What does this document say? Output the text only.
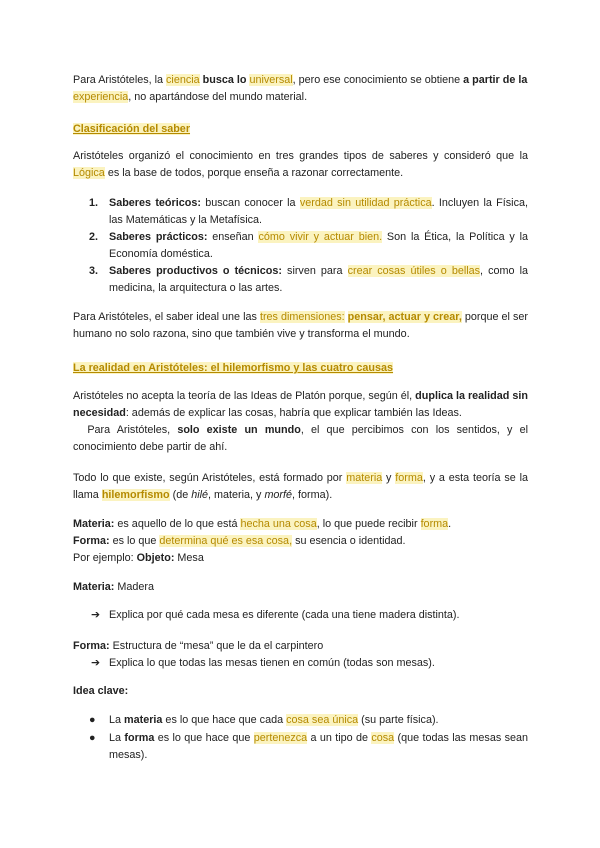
Para Aristóteles, la ciencia busca lo universal, pero ese conocimiento se obtiene a partir de la experiencia, no apartándose del mundo material.

Clasificación del saber

Aristóteles organizó el conocimiento en tres grandes tipos de saberes y consideró que la Lógica es la base de todos, porque enseña a razonar correctamente.

1. Saberes teóricos: buscan conocer la verdad sin utilidad práctica. Incluyen la Física, las Matemáticas y la Metafísica.
2. Saberes prácticos: enseñan cómo vivir y actuar bien. Son la Ética, la Política y la Economía doméstica.
3. Saberes productivos o técnicos: sirven para crear cosas útiles o bellas, como la medicina, la arquitectura o las artes.

Para Aristóteles, el saber ideal une las tres dimensiones: pensar, actuar y crear, porque el ser humano no solo razona, sino que también vive y transforma el mundo.

La realidad en Aristóteles: el hilemorfismo y las cuatro causas

Aristóteles no acepta la teoría de las Ideas de Platón porque, según él, duplica la realidad sin necesidad: además de explicar las cosas, habría que explicar también las Ideas.

Para Aristóteles, solo existe un mundo, el que percibimos con los sentidos, y el conocimiento debe partir de ahí.

Todo lo que existe, según Aristóteles, está formado por materia y forma, y a esta teoría se la llama hilemorfismo (de hilé, materia, y morfé, forma).

Materia: es aquello de lo que está hecha una cosa, lo que puede recibir forma.

Forma: es lo que determina qué es esa cosa, su esencia o identidad.

Por ejemplo: Objeto: Mesa

Materia: Madera

➔ Explica por qué cada mesa es diferente (cada una tiene madera distinta).

Forma: Estructura de “mesa” que le da el carpintero

➔ Explica lo que todas las mesas tienen en común (todas son mesas).
Idea clave:
● La materia es lo que hace que cada cosa sea única (su parte física).
● La forma es lo que hace que pertenezca a un tipo de cosa (que todas las mesas sean mesas).
